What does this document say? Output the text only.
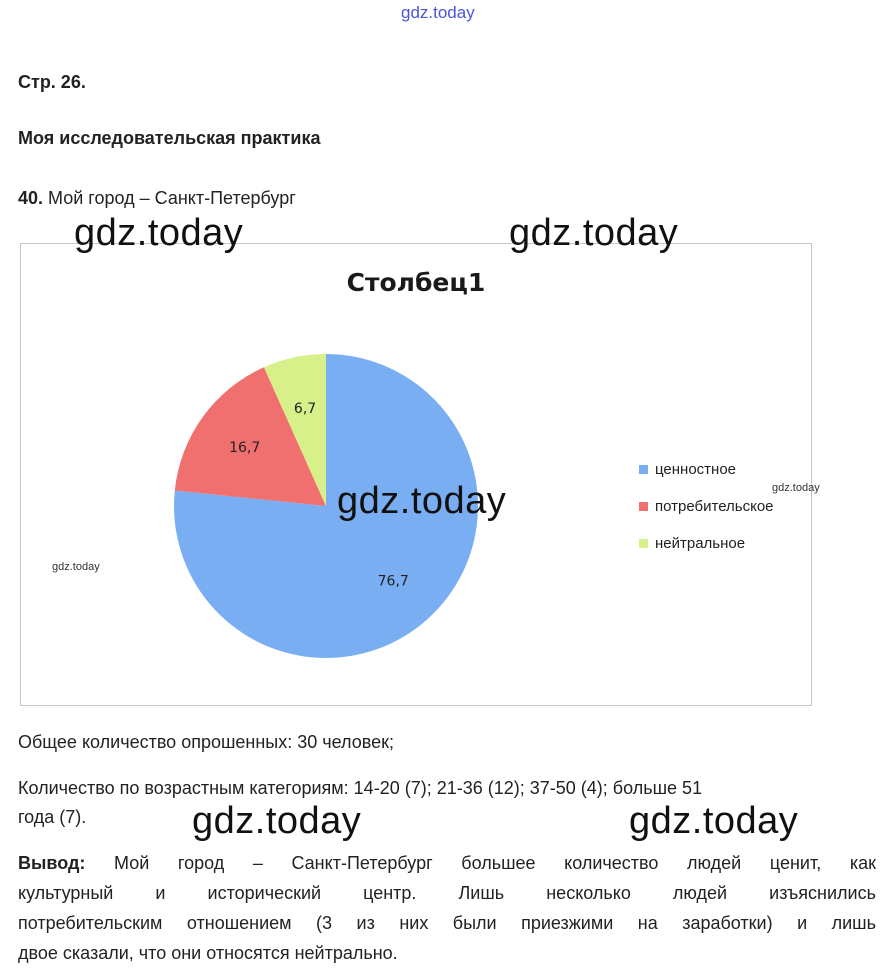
gdz.today
Стр. 26.
Моя исследовательская практика
40. Мой город – Санкт-Петербург
Столбец1
76,7
16,7
6,7
ценностное
потребительское
нейтральное
Общее количество опрошенных: 30 человек;
Количество по возрастным категориям: 14-20 (7); 21-36 (12); 37-50 (4); больше 51
года (7).
Вывод: Мой город – Санкт-Петербург большее количество людей ценит, как
культурный и исторический центр. Лишь несколько людей изъяснились
потребительским отношением (3 из них были приезжими на заработки) и лишь
двое сказали, что они относятся нейтрально.
gdz.today	gdz.today
gdz.today
gdz.today	gdz.today
gdz.today
gdz.today
